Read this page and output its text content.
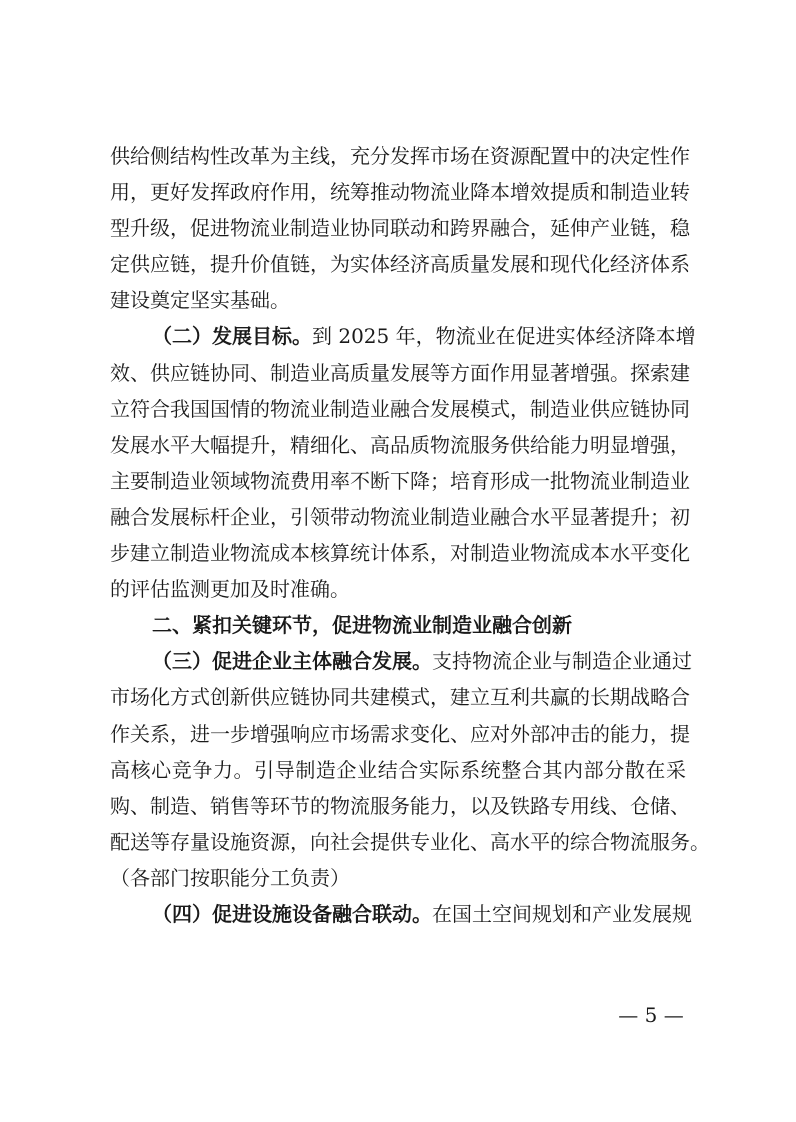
供给侧结构性改革为主线，充分发挥市场在资源配置中的决定性作
用，更好发挥政府作用，统筹推动物流业降本增效提质和制造业转
型升级，促进物流业制造业协同联动和跨界融合，延伸产业链，稳
定供应链，提升价值链，为实体经济高质量发展和现代化经济体系
建设奠定坚实基础。
（二）发展目标。到 2025 年，物流业在促进实体经济降本增
效、供应链协同、制造业高质量发展等方面作用显著增强。探索建
立符合我国国情的物流业制造业融合发展模式，制造业供应链协同
发展水平大幅提升，精细化、高品质物流服务供给能力明显增强，
主要制造业领域物流费用率不断下降；培育形成一批物流业制造业
融合发展标杆企业，引领带动物流业制造业融合水平显著提升；初
步建立制造业物流成本核算统计体系，对制造业物流成本水平变化
的评估监测更加及时准确。
二、紧扣关键环节，促进物流业制造业融合创新
（三）促进企业主体融合发展。支持物流企业与制造企业通过
市场化方式创新供应链协同共建模式，建立互利共赢的长期战略合
作关系，进一步增强响应市场需求变化、应对外部冲击的能力，提
高核心竞争力。引导制造企业结合实际系统整合其内部分散在采
购、制造、销售等环节的物流服务能力，以及铁路专用线、仓储、
配送等存量设施资源，向社会提供专业化、高水平的综合物流服务。
（各部门按职能分工负责）
（四）促进设施设备融合联动。在国土空间规划和产业发展规
— 5 —
